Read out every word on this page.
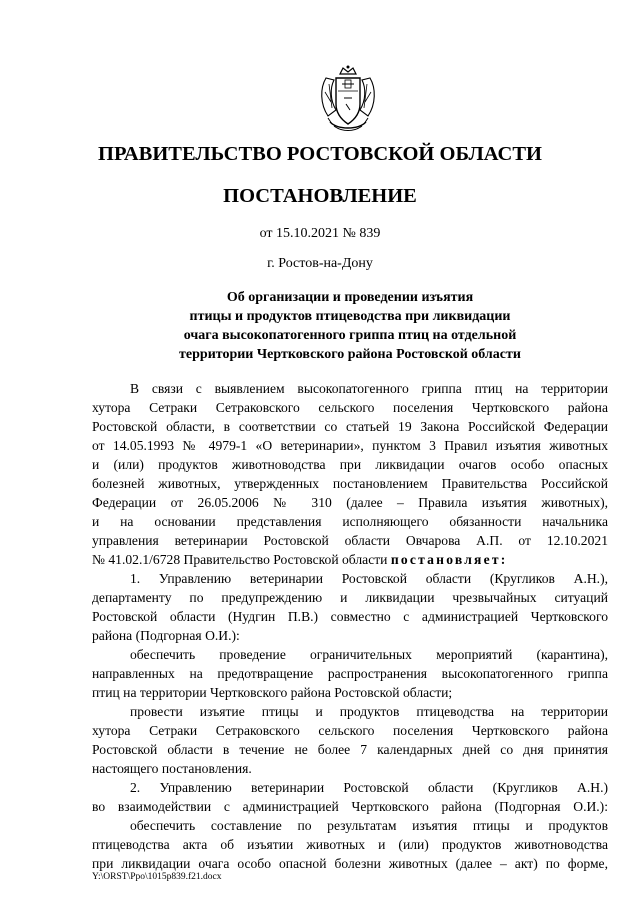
ПРАВИТЕЛЬСТВО РОСТОВСКОЙ ОБЛАСТИ
ПОСТАНОВЛЕНИЕ
от 15.10.2021 № 839
г. Ростов-на-Дону
Об организации и проведении изъятия
птицы и продуктов птицеводства при ликвидации
очага высокопатогенного гриппа птиц на отдельной
территории Чертковского района Ростовской области
В связи с выявлением высокопатогенного гриппа птиц на территории
хутора Сетраки Сетраковского сельского поселения Чертковского района
Ростовской области, в соответствии со статьей 19 Закона Российской Федерации
от 14.05.1993 № 4979-1 «О ветеринарии», пунктом 3 Правил изъятия животных
и (или) продуктов животноводства при ликвидации очагов особо опасных
болезней животных, утвержденных постановлением Правительства Российской
Федерации от 26.05.2006 № 310 (далее – Правила изъятия животных),
и на основании представления исполняющего обязанности начальника
управления ветеринарии Ростовской области Овчарова А.П. от 12.10.2021
№ 41.02.1/6728 Правительство Ростовской области постановляет:
1. Управлению ветеринарии Ростовской области (Кругликов А.Н.),
департаменту по предупреждению и ликвидации чрезвычайных ситуаций
Ростовской области (Нудгин П.В.) совместно с администрацией Чертковского
района (Подгорная О.И.):
обеспечить проведение ограничительных мероприятий (карантина),
направленных на предотвращение распространения высокопатогенного гриппа
птиц на территории Чертковского района Ростовской области;
провести изъятие птицы и продуктов птицеводства на территории
хутора Сетраки Сетраковского сельского поселения Чертковского района
Ростовской области в течение не более 7 календарных дней со дня принятия
настоящего постановления.
2. Управлению ветеринарии Ростовской области (Кругликов А.Н.)
во взаимодействии с администрацией Чертковского района (Подгорная О.И.):
обеспечить составление по результатам изъятия птицы и продуктов
птицеводства акта об изъятии животных и (или) продуктов животноводства
при ликвидации очага особо опасной болезни животных (далее – акт) по форме,
Y:\ORST\Ppo\1015p839.f21.docx
